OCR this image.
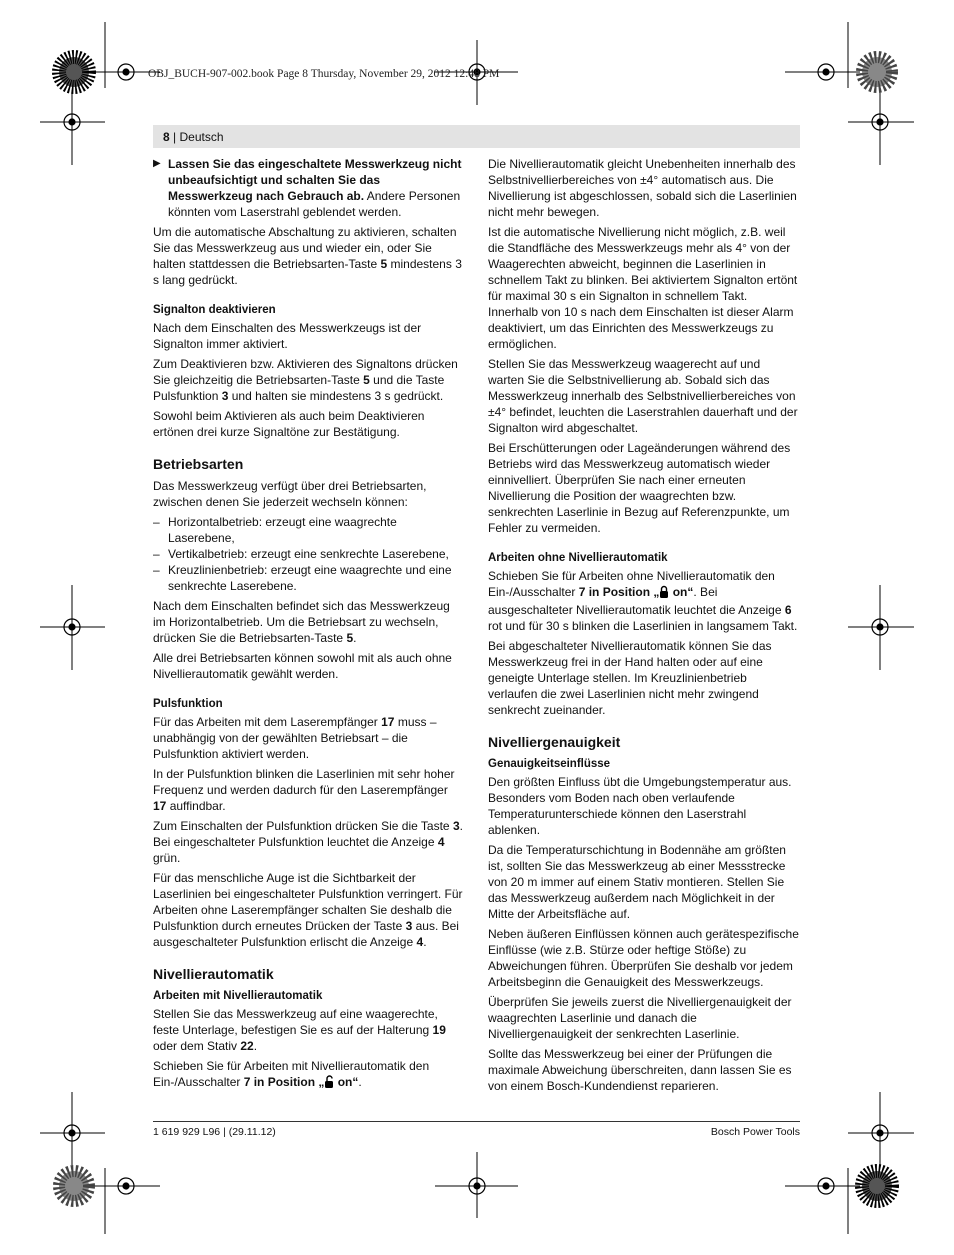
OBJ_BUCH-907-002.book Page 8 Thursday, November 29, 2012 12:48 PM
8 | Deutsch

▶ Lassen Sie das eingeschaltete Messwerkzeug nicht unbeaufsichtigt und schalten Sie das Messwerkzeug nach Gebrauch ab. Andere Personen könnten vom Laserstrahl geblendet werden.

Um die automatische Abschaltung zu aktivieren, schalten Sie das Messwerkzeug aus und wieder ein, oder Sie halten stattdessen die Betriebsarten-Taste 5 mindestens 3 s lang gedrückt.

Signalton deaktivieren

Nach dem Einschalten des Messwerkzeugs ist der Signalton immer aktiviert.

Zum Deaktivieren bzw. Aktivieren des Signaltons drücken Sie gleichzeitig die Betriebsarten-Taste 5 und die Taste Pulsfunktion 3 und halten sie mindestens 3 s gedrückt.

Sowohl beim Aktivieren als auch beim Deaktivieren ertönen drei kurze Signaltöne zur Bestätigung.

Betriebsarten

Das Messwerkzeug verfügt über drei Betriebsarten, zwischen denen Sie jederzeit wechseln können:

– Horizontalbetrieb: erzeugt eine waagrechte Laserebene,
– Vertikalbetrieb: erzeugt eine senkrechte Laserebene,
– Kreuzlinienbetrieb: erzeugt eine waagrechte und eine senkrechte Laserebene.

Nach dem Einschalten befindet sich das Messwerkzeug im Horizontalbetrieb. Um die Betriebsart zu wechseln, drücken Sie die Betriebsarten-Taste 5.

Alle drei Betriebsarten können sowohl mit als auch ohne Nivellierautomatik gewählt werden.

Pulsfunktion

Für das Arbeiten mit dem Laserempfänger 17 muss – unabhängig von der gewählten Betriebsart – die Pulsfunktion aktiviert werden.

In der Pulsfunktion blinken die Laserlinien mit sehr hoher Frequenz und werden dadurch für den Laserempfänger 17 auffindbar.

Zum Einschalten der Pulsfunktion drücken Sie die Taste 3. Bei eingeschalteter Pulsfunktion leuchtet die Anzeige 4 grün.

Für das menschliche Auge ist die Sichtbarkeit der Laserlinien bei eingeschalteter Pulsfunktion verringert. Für Arbeiten ohne Laserempfänger schalten Sie deshalb die Pulsfunktion durch erneutes Drücken der Taste 3 aus. Bei ausgeschalteter Pulsfunktion erlischt die Anzeige 4.

Nivellierautomatik
Arbeiten mit Nivellierautomatik

Stellen Sie das Messwerkzeug auf eine waagerechte, feste Unterlage, befestigen Sie es auf der Halterung 19 oder dem Stativ 22.

Schieben Sie für Arbeiten mit Nivellierautomatik den Ein-/Ausschalter 7 in Position „ on“.

Die Nivellierautomatik gleicht Unebenheiten innerhalb des Selbstnivellierbereiches von ±4° automatisch aus. Die Nivellierung ist abgeschlossen, sobald sich die Laserlinien nicht mehr bewegen.

Ist die automatische Nivellierung nicht möglich, z.B. weil die Standfläche des Messwerkzeugs mehr als 4° von der Waagerechten abweicht, beginnen die Laserlinien in schnellem Takt zu blinken. Bei aktiviertem Signalton ertönt für maximal 30 s ein Signalton in schnellem Takt. Innerhalb von 10 s nach dem Einschalten ist dieser Alarm deaktiviert, um das Einrichten des Messwerkzeugs zu ermöglichen.

Stellen Sie das Messwerkzeug waagerecht auf und warten Sie die Selbstnivellierung ab. Sobald sich das Messwerkzeug innerhalb des Selbstnivellierbereiches von ±4° befindet, leuchten die Laserstrahlen dauerhaft und der Signalton wird abgeschaltet.

Bei Erschütterungen oder Lageänderungen während des Betriebs wird das Messwerkzeug automatisch wieder einnivelliert. Überprüfen Sie nach einer erneuten Nivellierung die Position der waagrechten bzw. senkrechten Laserlinie in Bezug auf Referenzpunkte, um Fehler zu vermeiden.

Arbeiten ohne Nivellierautomatik

Schieben Sie für Arbeiten ohne Nivellierautomatik den Ein-/Ausschalter 7 in Position „ on“. Bei ausgeschalteter Nivellierautomatik leuchtet die Anzeige 6 rot und für 30 s blinken die Laserlinien in langsamem Takt.

Bei abgeschalteter Nivellierautomatik können Sie das Messwerkzeug frei in der Hand halten oder auf eine geneigte Unterlage stellen. Im Kreuzlinienbetrieb verlaufen die zwei Laserlinien nicht mehr zwingend senkrecht zueinander.

Nivelliergenauigkeit
Genauigkeitseinflüsse

Den größten Einfluss übt die Umgebungstemperatur aus. Besonders vom Boden nach oben verlaufende Temperaturunterschiede können den Laserstrahl ablenken.

Da die Temperaturschichtung in Bodennähe am größten ist, sollten Sie das Messwerkzeug ab einer Messstrecke von 20 m immer auf einem Stativ montieren. Stellen Sie das Messwerkzeug außerdem nach Möglichkeit in der Mitte der Arbeitsfläche auf.

Neben äußeren Einflüssen können auch gerätespezifische Einflüsse (wie z.B. Stürze oder heftige Stöße) zu Abweichungen führen. Überprüfen Sie deshalb vor jedem Arbeitsbeginn die Genauigkeit des Messwerkzeugs.

Überprüfen Sie jeweils zuerst die Nivelliergenauigkeit der waagrechten Laserlinie und danach die Nivelliergenauigkeit der senkrechten Laserlinie.

Sollte das Messwerkzeug bei einer der Prüfungen die maximale Abweichung überschreiten, dann lassen Sie es von einem Bosch-Kundendienst reparieren.

1 619 929 L96 | (29.11.12)	Bosch Power Tools
